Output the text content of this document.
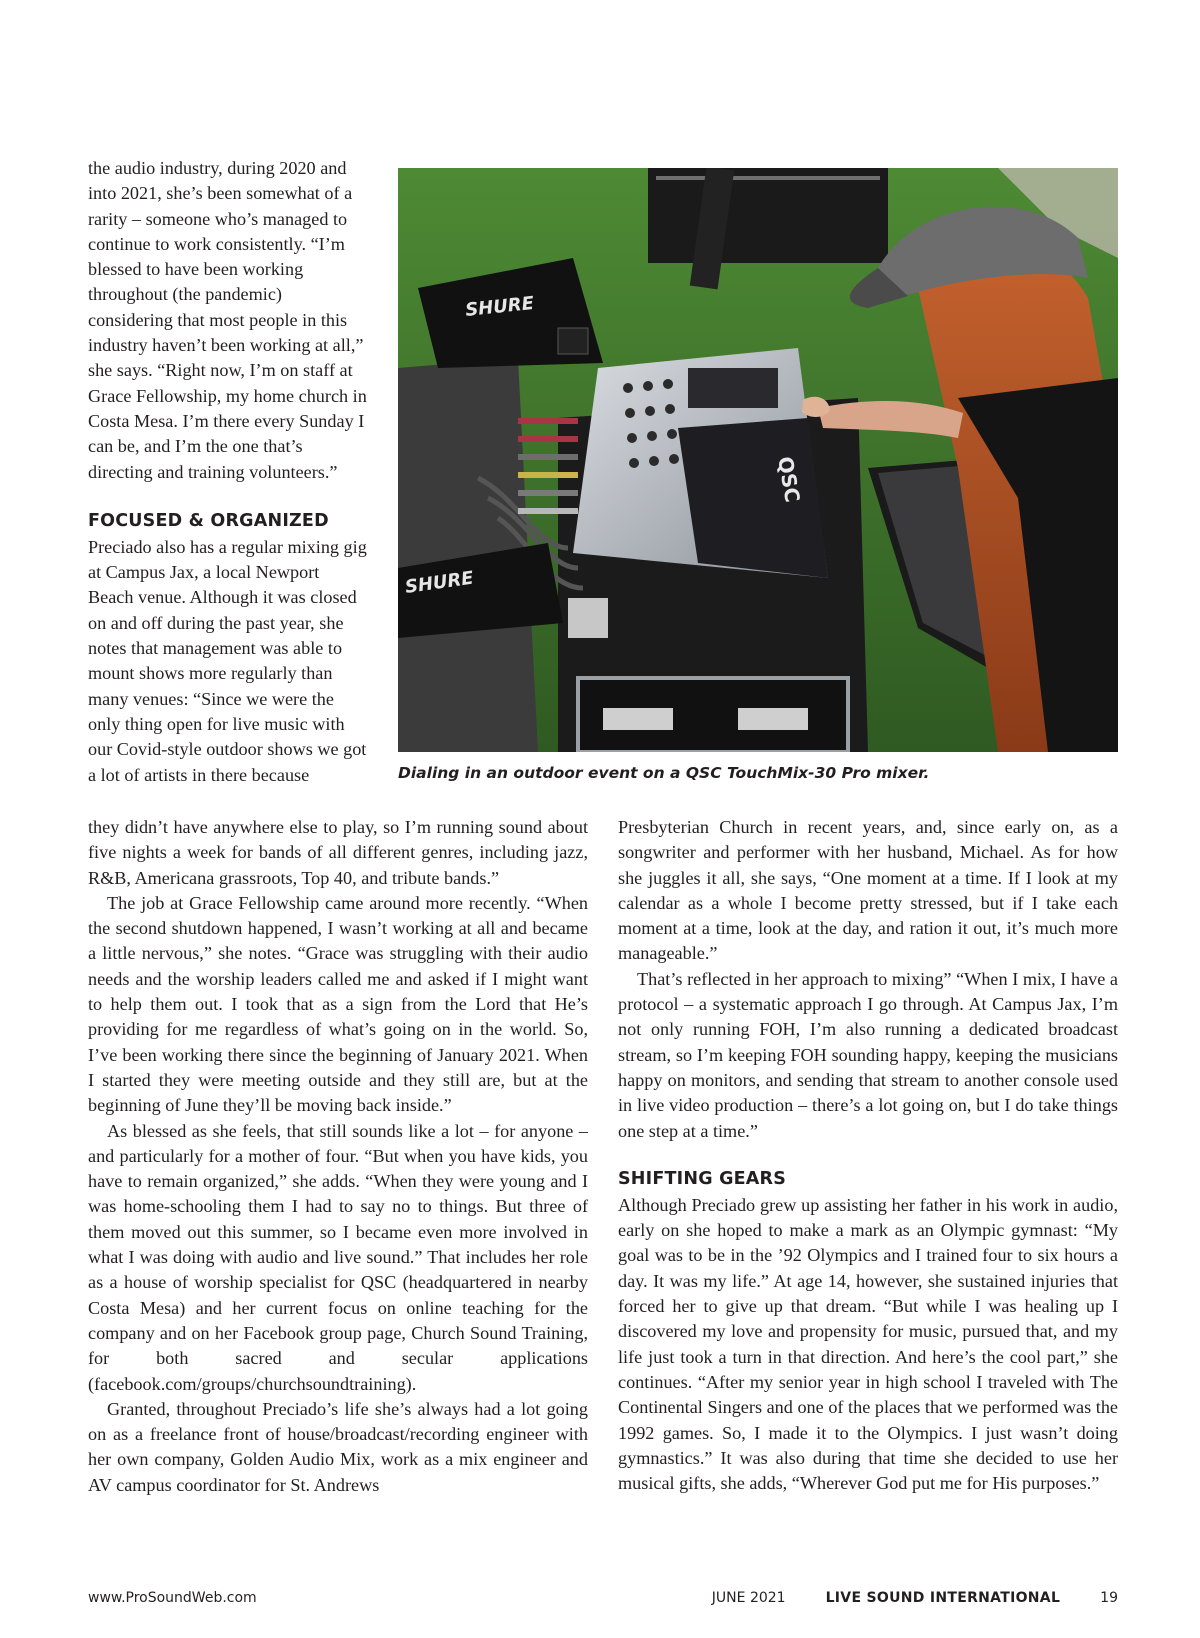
the audio industry, during 2020 and into 2021, she’s been somewhat of a rarity – someone who’s managed to continue to work consistently. “I’m blessed to have been working throughout (the pandemic) considering that most people in this industry haven’t been working at all,” she says. “Right now, I’m on staff at Grace Fellowship, my home church in Costa Mesa. I’m there every Sunday I can be, and I’m the one that’s directing and training volunteers.”

FOCUSED & ORGANIZED

Preciado also has a regular mixing gig at Campus Jax, a local Newport Beach venue. Although it was closed on and off during the past year, she notes that management was able to mount shows more regularly than many venues: “Since we were the only thing open for live music with our Covid-style outdoor shows we got a lot of artists in there because

SHURE
QSC
SHURE
Dialing in an outdoor event on a QSC TouchMix-30 Pro mixer.

they didn’t have anywhere else to play, so I’m running sound about five nights a week for bands of all different genres, including jazz, R&B, Americana grassroots, Top 40, and tribute bands.”

The job at Grace Fellowship came around more recently. “When the second shutdown happened, I wasn’t working at all and became a little nervous,” she notes. “Grace was struggling with their audio needs and the worship leaders called me and asked if I might want to help them out. I took that as a sign from the Lord that He’s providing for me regardless of what’s going on in the world. So, I’ve been working there since the beginning of January 2021. When I started they were meeting outside and they still are, but at the beginning of June they’ll be moving back inside.”

As blessed as she feels, that still sounds like a lot – for anyone – and particularly for a mother of four. “But when you have kids, you have to remain organized,” she adds. “When they were young and I was home-schooling them I had to say no to things. But three of them moved out this summer, so I became even more involved in what I was doing with audio and live sound.” That includes her role as a house of worship specialist for QSC (headquartered in nearby Costa Mesa) and her current focus on online teaching for the company and on her Facebook group page, Church Sound Training, for both sacred and secular applications (facebook.com/groups/churchsoundtraining).

Granted, throughout Preciado’s life she’s always had a lot going on as a freelance front of house/broadcast/recording engineer with her own company, Golden Audio Mix, work as a mix engineer and AV campus coordinator for St. Andrews

Presbyterian Church in recent years, and, since early on, as a songwriter and performer with her husband, Michael. As for how she juggles it all, she says, “One moment at a time. If I look at my calendar as a whole I become pretty stressed, but if I take each moment at a time, look at the day, and ration it out, it’s much more manageable.”

That’s reflected in her approach to mixing” “When I mix, I have a protocol – a systematic approach I go through. At Campus Jax, I’m not only running FOH, I’m also running a dedicated broadcast stream, so I’m keeping FOH sounding happy, keeping the musicians happy on monitors, and sending that stream to another console used in live video production – there’s a lot going on, but I do take things one step at a time.”

SHIFTING GEARS

Although Preciado grew up assisting her father in his work in audio, early on she hoped to make a mark as an Olympic gymnast: “My goal was to be in the ’92 Olympics and I trained four to six hours a day. It was my life.” At age 14, however, she sustained injuries that forced her to give up that dream. “But while I was healing up I discovered my love and propensity for music, pursued that, and my life just took a turn in that direction. And here’s the cool part,” she continues. “After my senior year in high school I traveled with The Continental Singers and one of the places that we performed was the 1992 games. So, I made it to the Olympics. I just wasn’t doing gymnastics.” It was also during that time she decided to use her musical gifts, she adds, “Wherever God put me for His purposes.”

www.ProSoundWeb.com	JUNE 2021	LIVE SOUND INTERNATIONAL	19
